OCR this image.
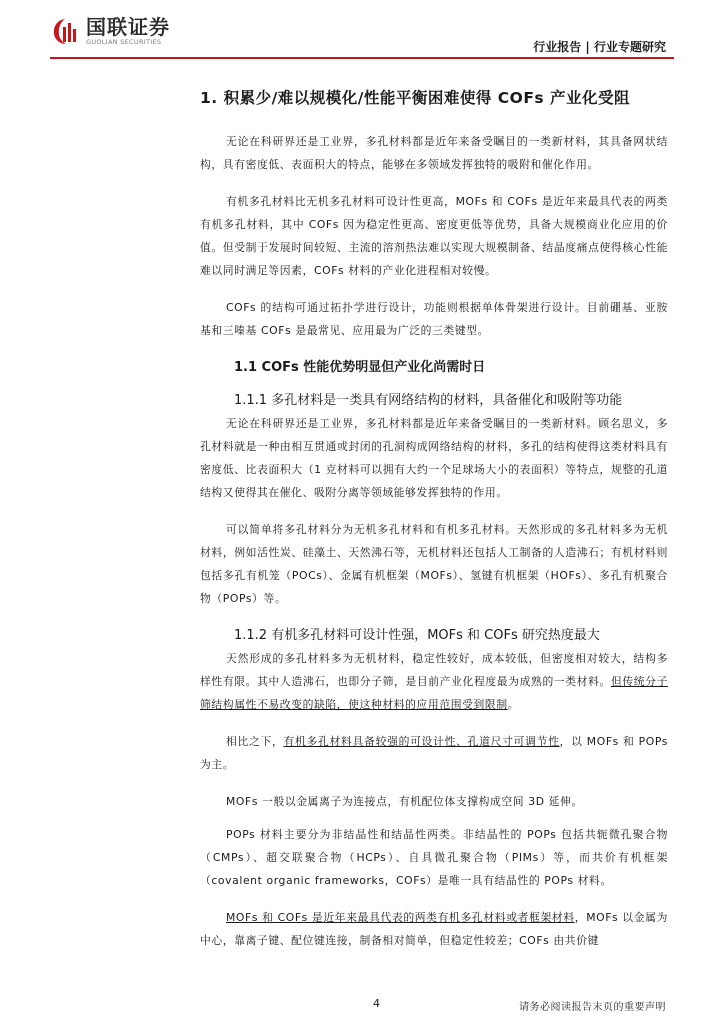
国联证券
GUOLIAN SECURITIES	行业报告 | 行业专题研究
1. 积累少/难以规模化/性能平衡困难使得 COFs 产业化受阻

无论在科研界还是工业界，多孔材料都是近年来备受瞩目的一类新材料，其具备网状结构，具有密度低、表面积大的特点，能够在多领域发挥独特的吸附和催化作用。

有机多孔材料比无机多孔材料可设计性更高，MOFs 和 COFs 是近年来最具代表的两类有机多孔材料，其中 COFs 因为稳定性更高、密度更低等优势，具备大规模商业化应用的价值。但受制于发展时间较短、主流的溶剂热法难以实现大规模制备、结晶度痛点使得核心性能难以同时满足等因素，COFs 材料的产业化进程相对较慢。

COFs 的结构可通过拓扑学进行设计，功能则根据单体骨架进行设计。目前硼基、亚胺基和三嗪基 COFs 是最常见、应用最为广泛的三类键型。

1.1 COFs 性能优势明显但产业化尚需时日
1.1.1 多孔材料是一类具有网络结构的材料，具备催化和吸附等功能

无论在科研界还是工业界，多孔材料都是近年来备受瞩目的一类新材料。顾名思义，多孔材料就是一种由相互贯通或封闭的孔洞构成网络结构的材料，多孔的结构使得这类材料具有密度低、比表面积大（1 克材料可以拥有大约一个足球场大小的表面积）等特点，规整的孔道结构又使得其在催化、吸附分离等领域能够发挥独特的作用。

可以简单将多孔材料分为无机多孔材料和有机多孔材料。天然形成的多孔材料多为无机材料，例如活性炭、硅藻土、天然沸石等，无机材料还包括人工制备的人造沸石；有机材料则包括多孔有机笼（POCs）、金属有机框架（MOFs）、氢键有机框架（HOFs）、多孔有机聚合物（POPs）等。

1.1.2 有机多孔材料可设计性强，MOFs 和 COFs 研究热度最大

天然形成的多孔材料多为无机材料，稳定性较好，成本较低，但密度相对较大，结构多样性有限。其中人造沸石，也即分子筛，是目前产业化程度最为成熟的一类材料。但传统分子筛结构属性不易改变的缺陷，使这种材料的应用范围受到限制。

相比之下，有机多孔材料具备较强的可设计性、孔道尺寸可调节性，以 MOFs 和 POPs 为主。

MOFs 一般以金属离子为连接点，有机配位体支撑构成空间 3D 延伸。

POPs 材料主要分为非结晶性和结晶性两类。非结晶性的 POPs 包括共轭微孔聚合物（CMPs）、超交联聚合物（HCPs）、自具微孔聚合物（PIMs）等，而共价有机框架（covalent organic frameworks，COFs）是唯一具有结晶性的 POPs 材料。

MOFs 和 COFs 是近年来最具代表的两类有机多孔材料或者框架材料，MOFs 以金属为中心，靠离子键、配位键连接，制备相对简单，但稳定性较差；COFs 由共价键

4	请务必阅读报告末页的重要声明
